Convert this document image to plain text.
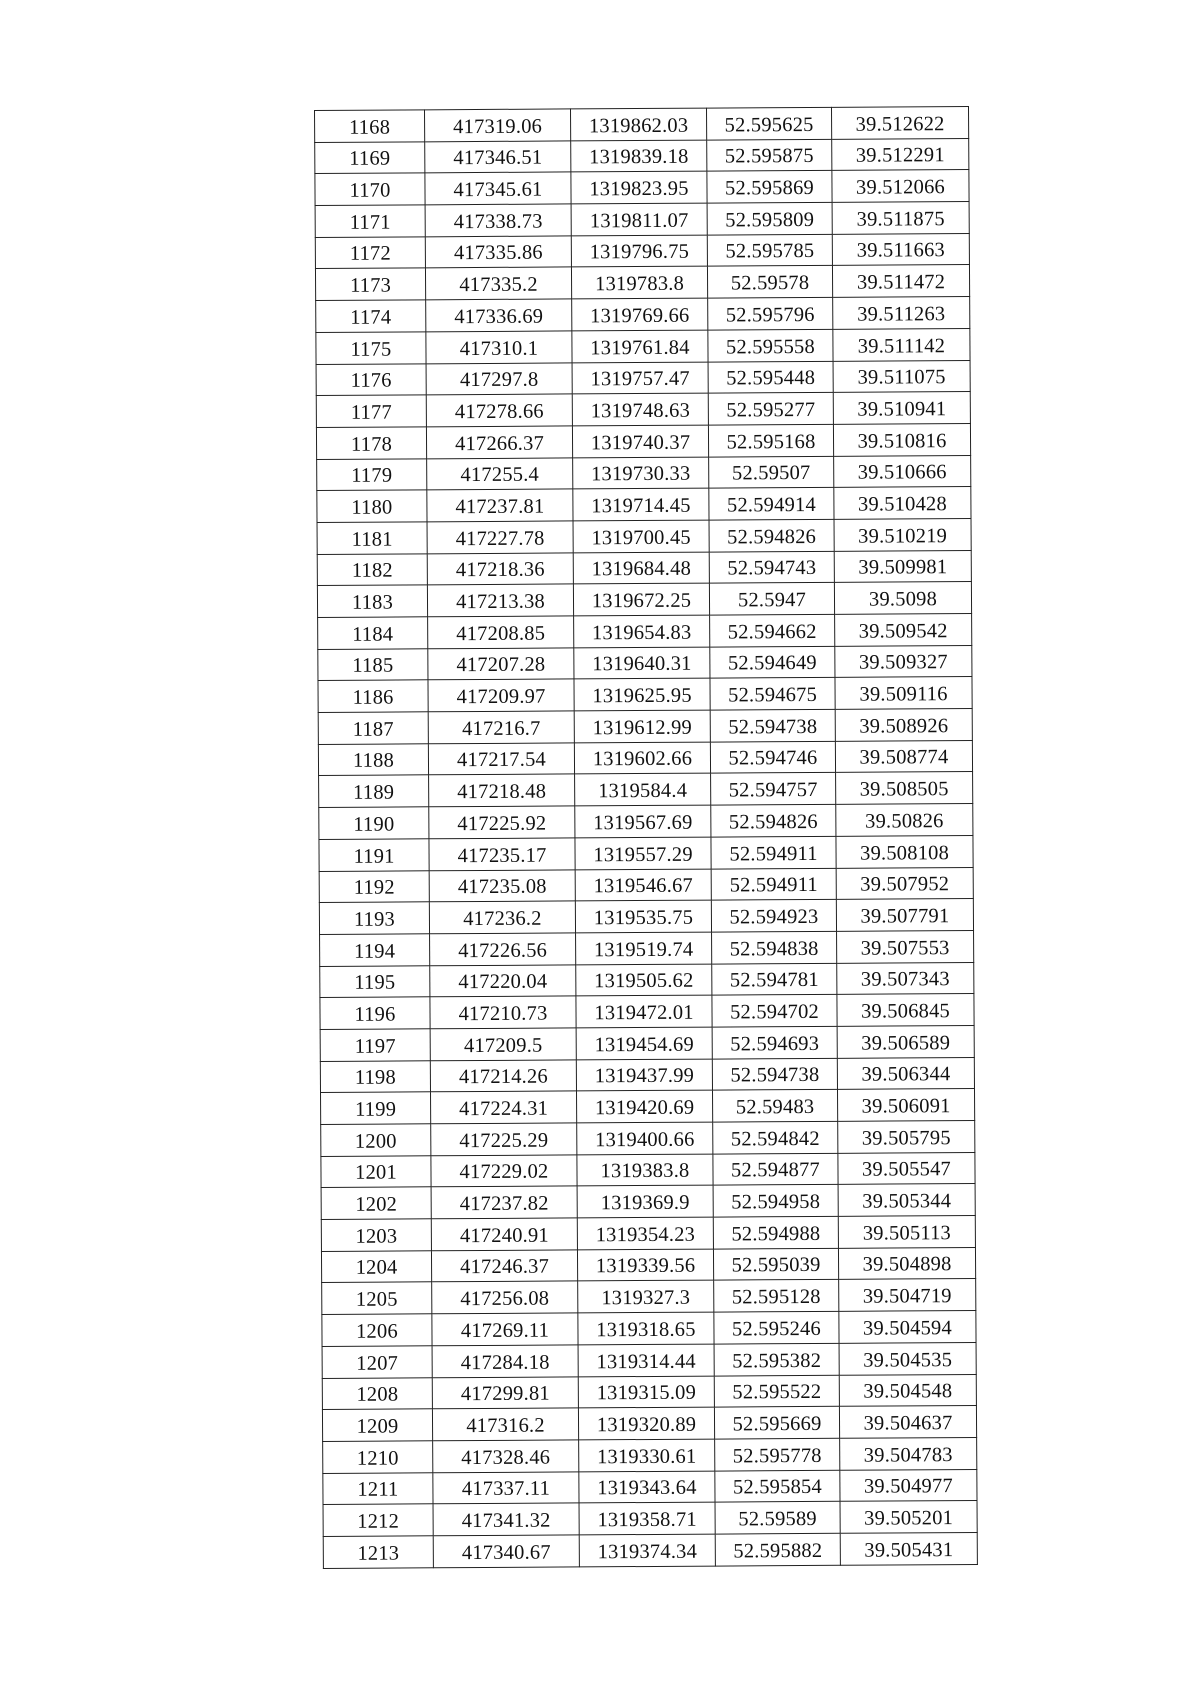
1168	417319.06	1319862.03	52.595625	39.512622
1169	417346.51	1319839.18	52.595875	39.512291
1170	417345.61	1319823.95	52.595869	39.512066
1171	417338.73	1319811.07	52.595809	39.511875
1172	417335.86	1319796.75	52.595785	39.511663
1173	417335.2	1319783.8	52.59578	39.511472
1174	417336.69	1319769.66	52.595796	39.511263
1175	417310.1	1319761.84	52.595558	39.511142
1176	417297.8	1319757.47	52.595448	39.511075
1177	417278.66	1319748.63	52.595277	39.510941
1178	417266.37	1319740.37	52.595168	39.510816
1179	417255.4	1319730.33	52.59507	39.510666
1180	417237.81	1319714.45	52.594914	39.510428
1181	417227.78	1319700.45	52.594826	39.510219
1182	417218.36	1319684.48	52.594743	39.509981
1183	417213.38	1319672.25	52.5947	39.5098
1184	417208.85	1319654.83	52.594662	39.509542
1185	417207.28	1319640.31	52.594649	39.509327
1186	417209.97	1319625.95	52.594675	39.509116
1187	417216.7	1319612.99	52.594738	39.508926
1188	417217.54	1319602.66	52.594746	39.508774
1189	417218.48	1319584.4	52.594757	39.508505
1190	417225.92	1319567.69	52.594826	39.50826
1191	417235.17	1319557.29	52.594911	39.508108
1192	417235.08	1319546.67	52.594911	39.507952
1193	417236.2	1319535.75	52.594923	39.507791
1194	417226.56	1319519.74	52.594838	39.507553
1195	417220.04	1319505.62	52.594781	39.507343
1196	417210.73	1319472.01	52.594702	39.506845
1197	417209.5	1319454.69	52.594693	39.506589
1198	417214.26	1319437.99	52.594738	39.506344
1199	417224.31	1319420.69	52.59483	39.506091
1200	417225.29	1319400.66	52.594842	39.505795
1201	417229.02	1319383.8	52.594877	39.505547
1202	417237.82	1319369.9	52.594958	39.505344
1203	417240.91	1319354.23	52.594988	39.505113
1204	417246.37	1319339.56	52.595039	39.504898
1205	417256.08	1319327.3	52.595128	39.504719
1206	417269.11	1319318.65	52.595246	39.504594
1207	417284.18	1319314.44	52.595382	39.504535
1208	417299.81	1319315.09	52.595522	39.504548
1209	417316.2	1319320.89	52.595669	39.504637
1210	417328.46	1319330.61	52.595778	39.504783
1211	417337.11	1319343.64	52.595854	39.504977
1212	417341.32	1319358.71	52.59589	39.505201
1213	417340.67	1319374.34	52.595882	39.505431
